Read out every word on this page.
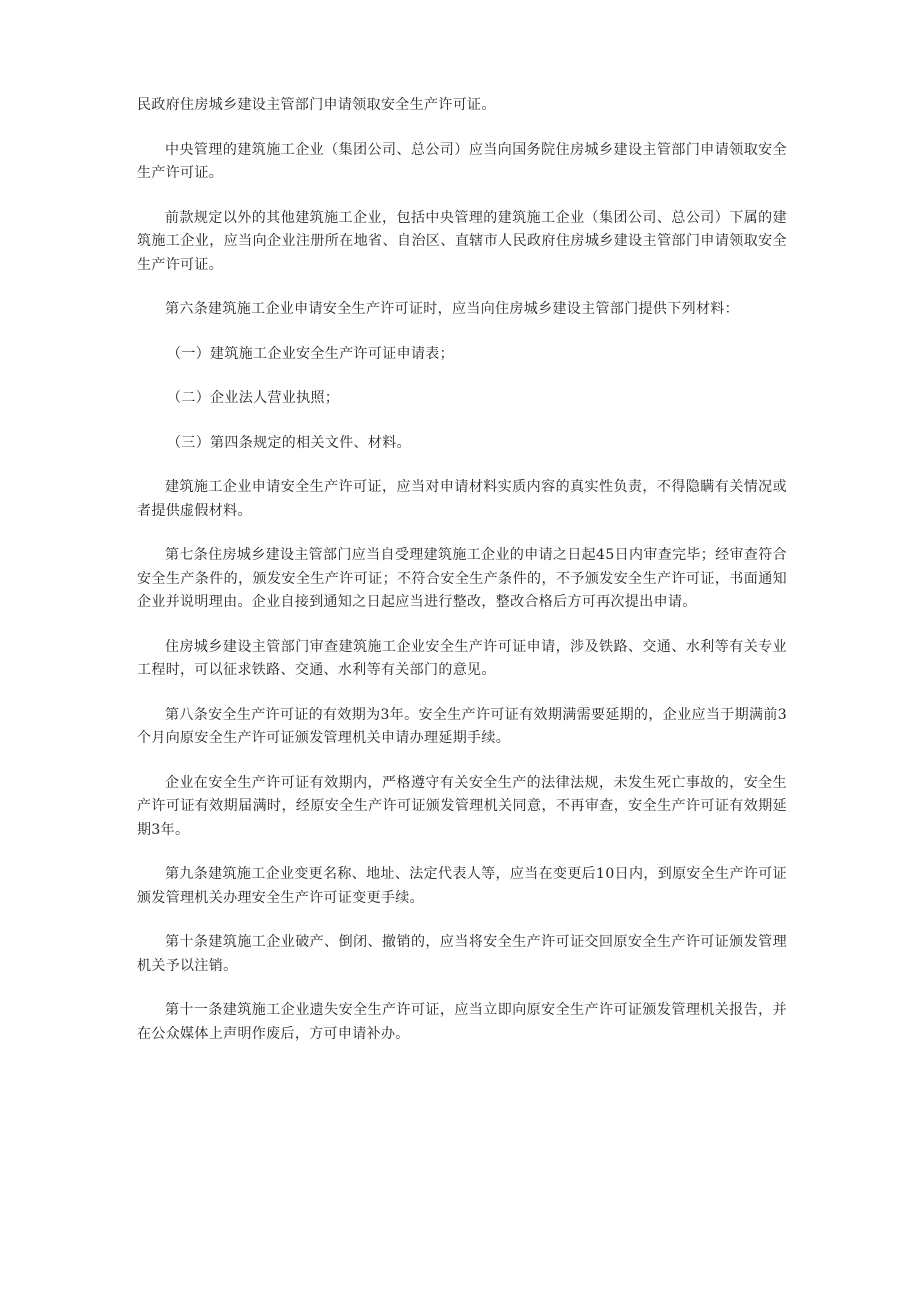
民政府住房城乡建设主管部门申请领取安全生产许可证。

中央管理的建筑施工企业（集团公司、总公司）应当向国务院住房城乡建设主管部门申请领取安全生产许可证。

前款规定以外的其他建筑施工企业，包括中央管理的建筑施工企业（集团公司、总公司）下属的建筑施工企业，应当向企业注册所在地省、自治区、直辖市人民政府住房城乡建设主管部门申请领取安全生产许可证。

第六条建筑施工企业申请安全生产许可证时，应当向住房城乡建设主管部门提供下列材料：

（一）建筑施工企业安全生产许可证申请表；

（二）企业法人营业执照；

（三）第四条规定的相关文件、材料。

建筑施工企业申请安全生产许可证，应当对申请材料实质内容的真实性负责，不得隐瞒有关情况或者提供虚假材料。

第七条住房城乡建设主管部门应当自受理建筑施工企业的申请之日起45日内审查完毕；经审查符合安全生产条件的，颁发安全生产许可证；不符合安全生产条件的，不予颁发安全生产许可证，书面通知企业并说明理由。企业自接到通知之日起应当进行整改，整改合格后方可再次提出申请。

住房城乡建设主管部门审查建筑施工企业安全生产许可证申请，涉及铁路、交通、水利等有关专业工程时，可以征求铁路、交通、水利等有关部门的意见。

第八条安全生产许可证的有效期为3年。安全生产许可证有效期满需要延期的，企业应当于期满前3个月向原安全生产许可证颁发管理机关申请办理延期手续。

企业在安全生产许可证有效期内，严格遵守有关安全生产的法律法规，未发生死亡事故的，安全生产许可证有效期届满时，经原安全生产许可证颁发管理机关同意，不再审查，安全生产许可证有效期延期3年。

第九条建筑施工企业变更名称、地址、法定代表人等，应当在变更后10日内，到原安全生产许可证颁发管理机关办理安全生产许可证变更手续。

第十条建筑施工企业破产、倒闭、撤销的，应当将安全生产许可证交回原安全生产许可证颁发管理机关予以注销。

第十一条建筑施工企业遗失安全生产许可证，应当立即向原安全生产许可证颁发管理机关报告，并在公众媒体上声明作废后，方可申请补办。
